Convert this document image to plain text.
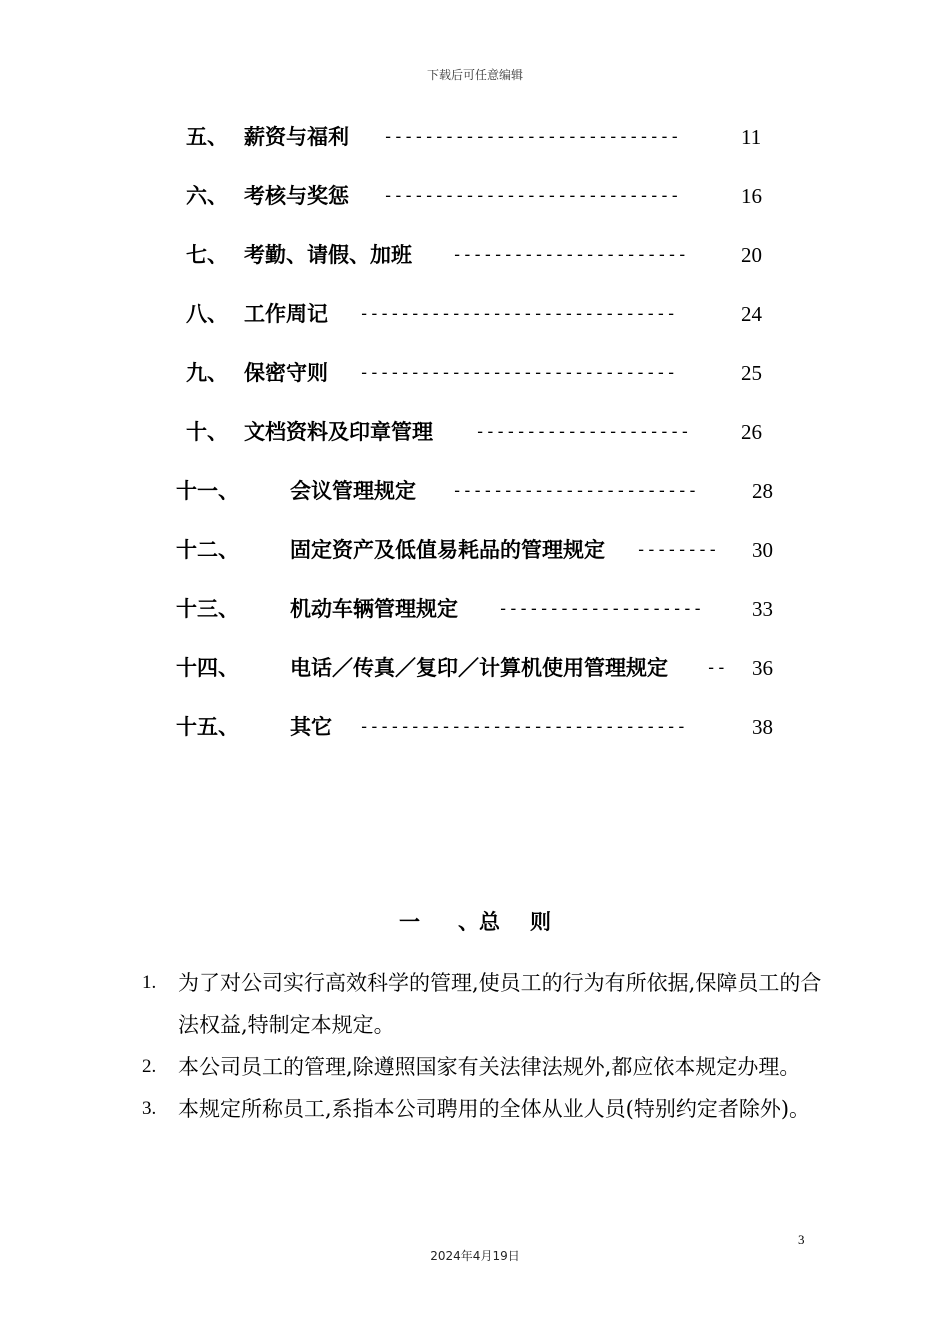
下载后可任意编辑
五、 薪资与福利 -----------------------------	11
六、 考核与奖惩 -----------------------------	16
七、 考勤、请假、加班 -----------------------	20
八、 工作周记 -------------------------------	24
九、 保密守则 -------------------------------	25
十、 文档资料及印章管理 ---------------------	26
十一、 会议管理规定 ------------------------	28
十二、 固定资产及低值易耗品的管理规定 --------	30
十三、 机动车辆管理规定 --------------------	33
十四、 电话／传真／复印／计算机使用管理规定 -- 36
十五、 其它 --------------------------------	38
一 、总 则
1. 为了对公司实行高效科学的管理,使员工的行为有所依据,保障员工的合法权益,特制定本规定。
2. 本公司员工的管理,除遵照国家有关法律法规外,都应依本规定办理。
3. 本规定所称员工,系指本公司聘用的全体从业人员(特别约定者除外)。
3
2024年4月19日
